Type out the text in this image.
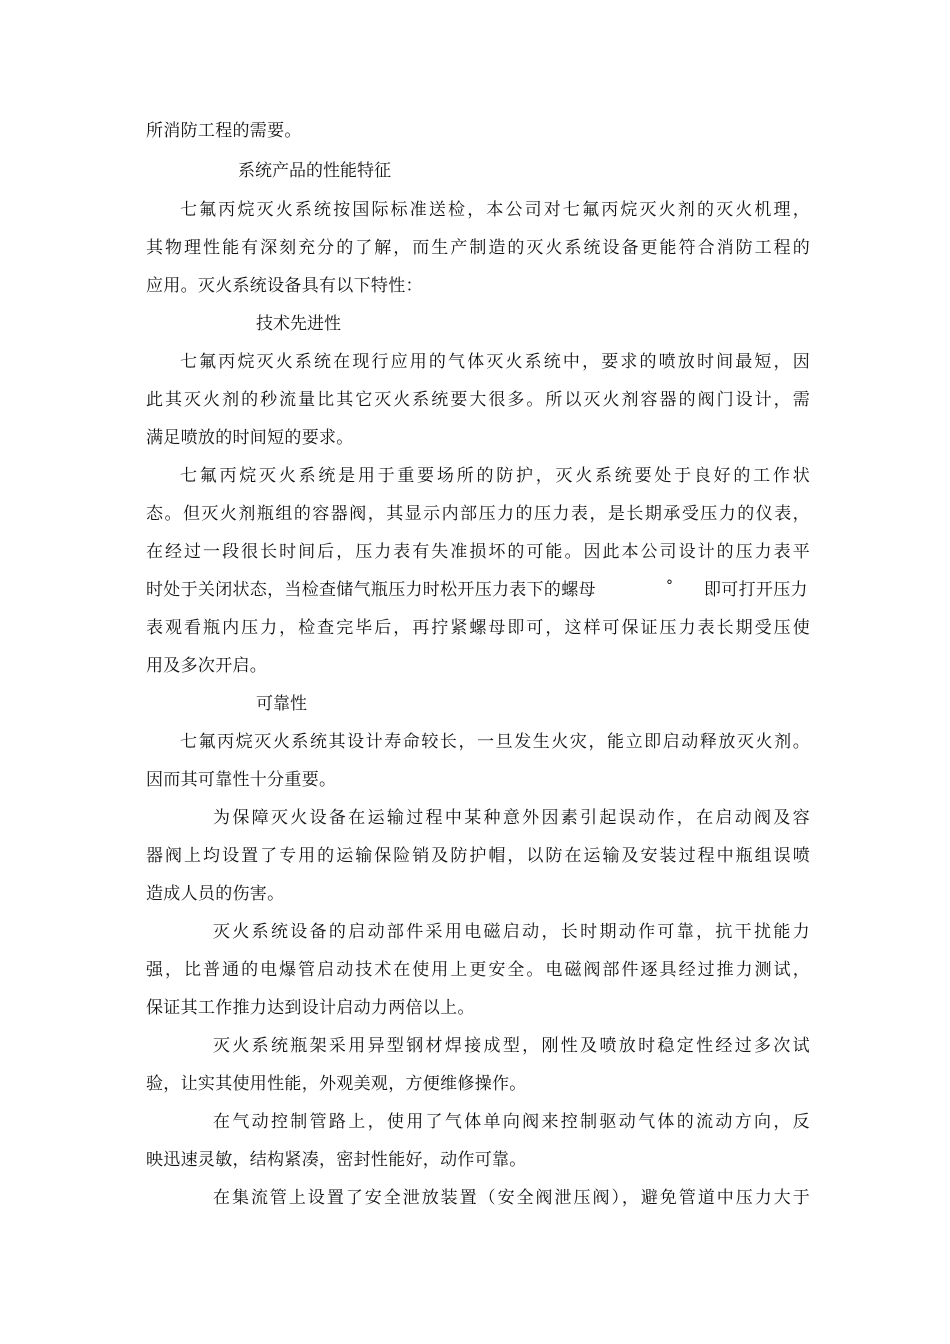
所消防工程的需要。
系统产品的性能特征
七氟丙烷灭火系统按国际标准送检，本公司对七氟丙烷灭火剂的灭火机理，
其物理性能有深刻充分的了解，而生产制造的灭火系统设备更能符合消防工程的
应用。灭火系统设备具有以下特性：
技术先进性
七氟丙烷灭火系统在现行应用的气体灭火系统中，要求的喷放时间最短，因
此其灭火剂的秒流量比其它灭火系统要大很多。所以灭火剂容器的阀门设计，需
满足喷放的时间短的要求。
七氟丙烷灭火系统是用于重要场所的防护，灭火系统要处于良好的工作状
态。但灭火剂瓶组的容器阀，其显示内部压力的压力表，是长期承受压力的仪表，
在经过一段很长时间后，压力表有失准损坏的可能。因此本公司设计的压力表平
时处于关闭状态，当检查储气瓶压力时松开压力表下的螺母	° 即可打开压力
表观看瓶内压力，检查完毕后，再拧紧螺母即可，这样可保证压力表长期受压使
用及多次开启。
可靠性
七氟丙烷灭火系统其设计寿命较长，一旦发生火灾，能立即启动释放灭火剂。
因而其可靠性十分重要。
为保障灭火设备在运输过程中某种意外因素引起误动作，在启动阀及容
器阀上均设置了专用的运输保险销及防护帽，以防在运输及安装过程中瓶组误喷
造成人员的伤害。
灭火系统设备的启动部件采用电磁启动，长时期动作可靠，抗干扰能力
强，比普通的电爆管启动技术在使用上更安全。电磁阀部件逐具经过推力测试，
保证其工作推力达到设计启动力两倍以上。
灭火系统瓶架采用异型钢材焊接成型，刚性及喷放时稳定性经过多次试
验，让实其使用性能，外观美观，方便维修操作。
在气动控制管路上，使用了气体单向阀来控制驱动气体的流动方向，反
映迅速灵敏，结构紧凑，密封性能好，动作可靠。
在集流管上设置了安全泄放装置（安全阀泄压阀），避免管道中压力大于
